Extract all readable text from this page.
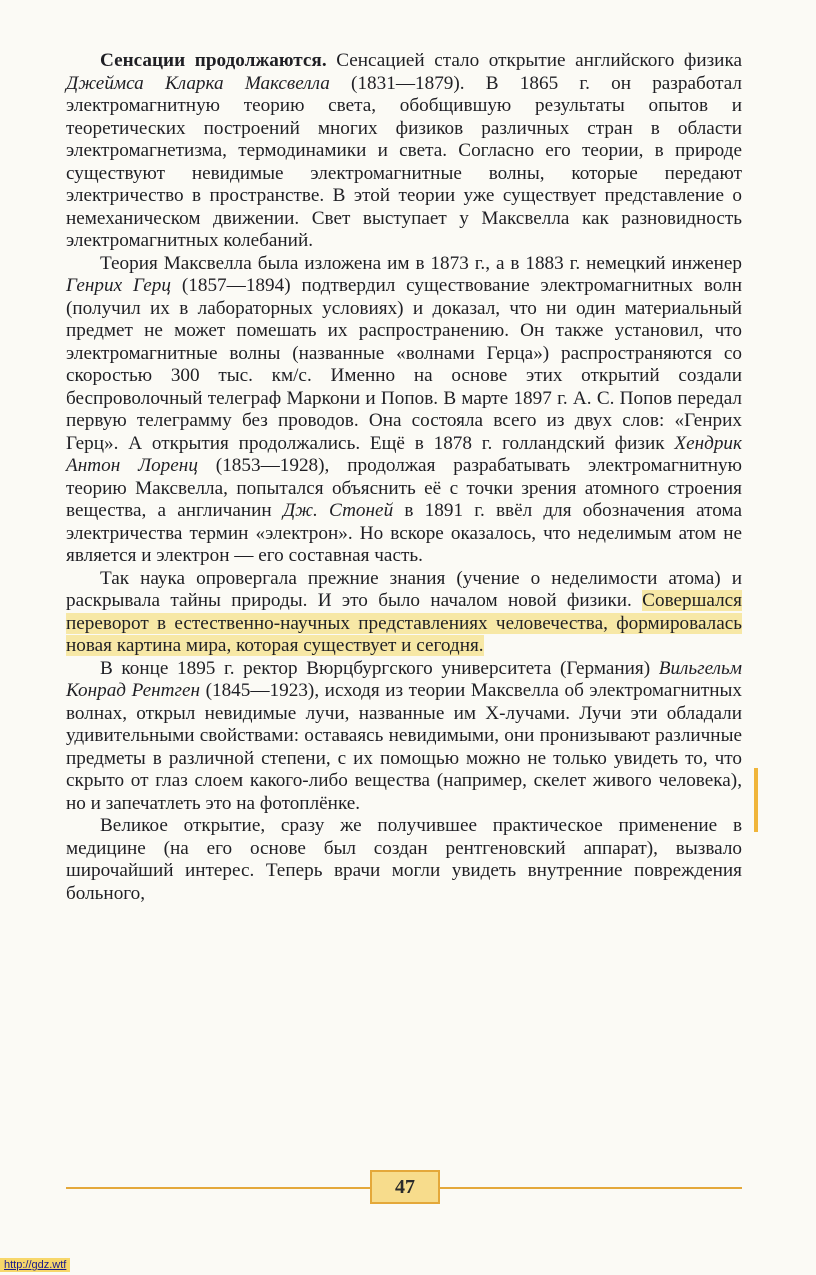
Сенсации продолжаются. Сенсацией стало открытие английского физика Джеймса Кларка Максвелла (1831—1879). В 1865 г. он разработал электромагнитную теорию света, обобщившую результаты опытов и теоретических построений многих физиков различных стран в области электромагнетизма, термодинамики и света. Согласно его теории, в природе существуют невидимые электромагнитные волны, которые передают электричество в пространстве. В этой теории уже существует представление о немеханическом движении. Свет выступает у Максвелла как разновидность электромагнитных колебаний.

Теория Максвелла была изложена им в 1873 г., а в 1883 г. немецкий инженер Генрих Герц (1857—1894) подтвердил существование электромагнитных волн (получил их в лабораторных условиях) и доказал, что ни один материальный предмет не может помешать их распространению. Он также установил, что электромагнитные волны (названные «волнами Герца») распространяются со скоростью 300 тыс. км/с. Именно на основе этих открытий создали беспроволочный телеграф Маркони и Попов. В марте 1897 г. А. С. Попов передал первую телеграмму без проводов. Она состояла всего из двух слов: «Генрих Герц». А открытия продолжались. Ещё в 1878 г. голландский физик Хендрик Антон Лоренц (1853—1928), продолжая разрабатывать электромагнитную теорию Максвелла, попытался объяснить её с точки зрения атомного строения вещества, а англичанин Дж. Стоней в 1891 г. ввёл для обозначения атома электричества термин «электрон». Но вскоре оказалось, что неделимым атом не является и электрон — его составная часть.

Так наука опровергала прежние знания (учение о неделимости атома) и раскрывала тайны природы. И это было началом новой физики. Совершался переворот в естественно-научных представлениях человечества, формировалась новая картина мира, которая существует и сегодня.

В конце 1895 г. ректор Вюрцбургского университета (Германия) Вильгельм Конрад Рентген (1845—1923), исходя из теории Максвелла об электромагнитных волнах, открыл невидимые лучи, названные им X-лучами. Лучи эти обладали удивительными свойствами: оставаясь невидимыми, они пронизывают различные предметы в различной степени, с их помощью можно не только увидеть то, что скрыто от глаз слоем какого-либо вещества (например, скелет живого человека), но и запечатлеть это на фотоплёнке.

Великое открытие, сразу же получившее практическое применение в медицине (на его основе был создан рентгеновский аппарат), вызвало широчайший интерес. Теперь врачи могли увидеть внутренние повреждения больного,

47
http://gdz.wtf
